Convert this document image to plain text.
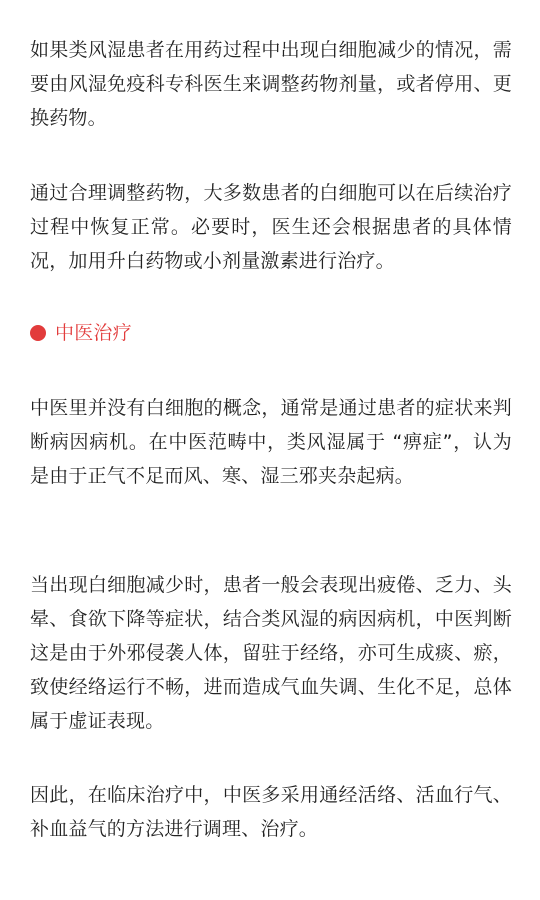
如果类风湿患者在用药过程中出现白细胞减少的情况，需要由风湿免疫科专科医生来调整药物剂量，或者停用、更换药物。

通过合理调整药物，大多数患者的白细胞可以在后续治疗过程中恢复正常。必要时，医生还会根据患者的具体情况，加用升白药物或小剂量激素进行治疗。

中医治疗

中医里并没有白细胞的概念，通常是通过患者的症状来判断病因病机。在中医范畴中，类风湿属于 “痹症”，认为是由于正气不足而风、寒、湿三邪夹杂起病。

当出现白细胞减少时，患者一般会表现出疲倦、乏力、头晕、食欲下降等症状，结合类风湿的病因病机，中医判断这是由于外邪侵袭人体，留驻于经络，亦可生成痰、瘀，致使经络运行不畅，进而造成气血失调、生化不足，总体属于虚证表现。

因此，在临床治疗中，中医多采用通经活络、活血行气、补血益气的方法进行调理、治疗。
